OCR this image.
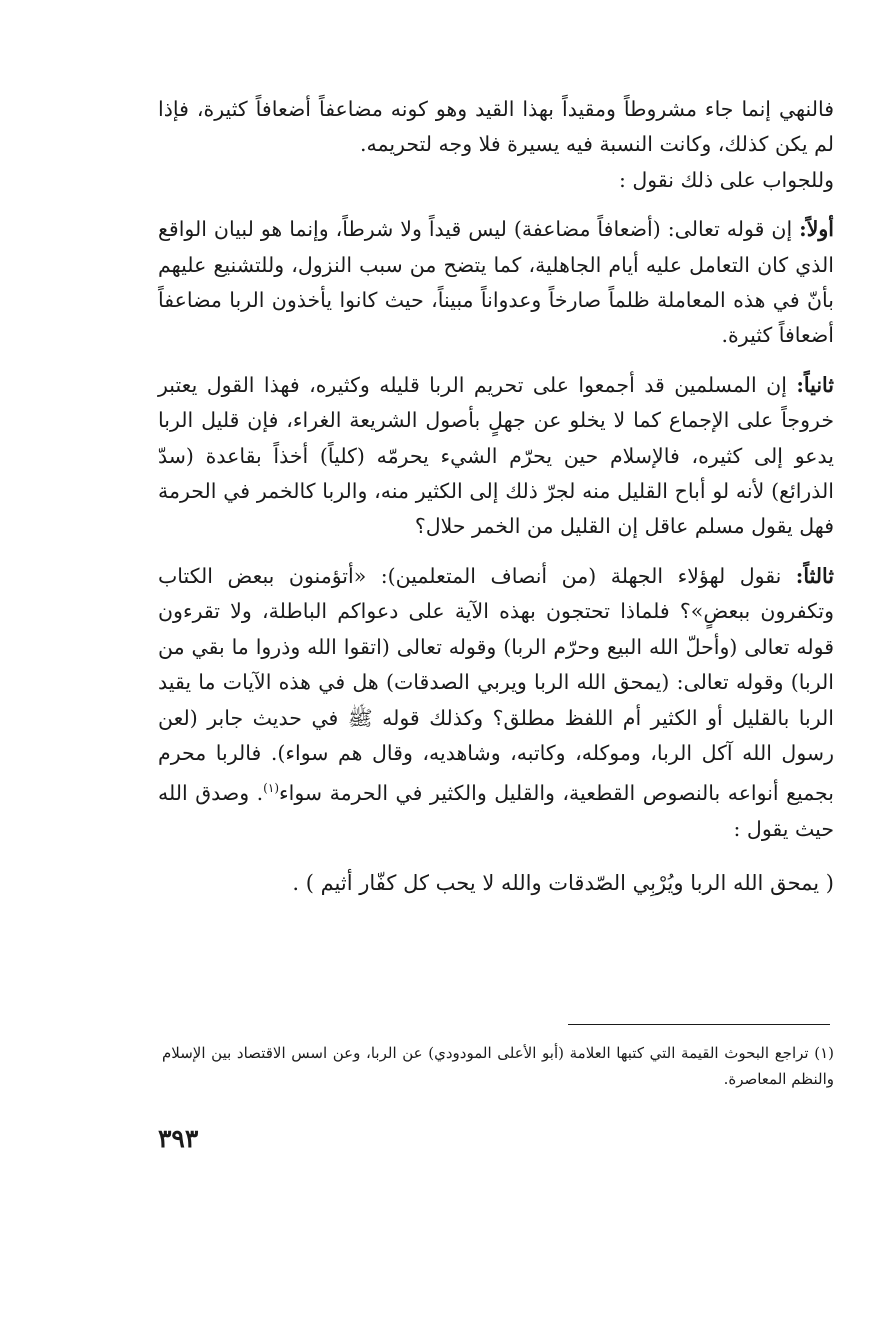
فالنهي إنما جاء مشروطاً ومقيداً بهذا القيد وهو كونه مضاعفاً أضعافاً كثيرة، فإذا لم يكن كذلك، وكانت النسبة فيه يسيرة فلا وجه لتحريمه.

وللجواب على ذلك نقول :

أولاً: إن قوله تعالى: (أضعافاً مضاعفة) ليس قيداً ولا شرطاً، وإنما هو لبيان الواقع الذي كان التعامل عليه أيام الجاهلية، كما يتضح من سبب النزول، وللتشنيع عليهم بأنّ في هذه المعاملة ظلماً صارخاً وعدواناً مبيناً، حيث كانوا يأخذون الربا مضاعفاً أضعافاً كثيرة.

ثانياً: إن المسلمين قد أجمعوا على تحريم الربا قليله وكثيره، فهذا القول يعتبر خروجاً على الإجماع كما لا يخلو عن جهلٍ بأصول الشريعة الغراء، فإن قليل الربا يدعو إلى كثيره، فالإسلام حين يحرّم الشيء يحرمّه (كلياً) أخذاً بقاعدة (سدّ الذرائع) لأنه لو أباح القليل منه لجرّ ذلك إلى الكثير منه، والربا كالخمر في الحرمة فهل يقول مسلم عاقل إن القليل من الخمر حلال؟

ثالثاً: نقول لهؤلاء الجهلة (من أنصاف المتعلمين): «أتؤمنون ببعض الكتاب وتكفرون ببعضٍ»؟ فلماذا تحتجون بهذه الآية على دعواكم الباطلة، ولا تقرءون قوله تعالى (وأحلّ الله البيع وحرّم الربا) وقوله تعالى (اتقوا الله وذروا ما بقي من الربا) وقوله تعالى: (يمحق الله الربا ويربي الصدقات) هل في هذه الآيات ما يقيد الربا بالقليل أو الكثير أم اللفظ مطلق؟ وكذلك قوله ﷺ في حديث جابر (لعن رسول الله آكل الربا، وموكله، وكاتبه، وشاهديه، وقال هم سواء). فالربا محرم بجميع أنواعه بالنصوص القطعية، والقليل والكثير في الحرمة سواء$^{(١)}$. وصدق الله حيث يقول :

( يمحق الله الربا ويُرْبِي الصّدقات والله لا يحب كل كفّار أثيم ) .

(١) تراجع البحوث القيمة التي كتبها العلامة (أبو الأعلى المودودي) عن الربا، وعن اسس الاقتصاد بين الإسلام والنظم المعاصرة.

٣٩٣
